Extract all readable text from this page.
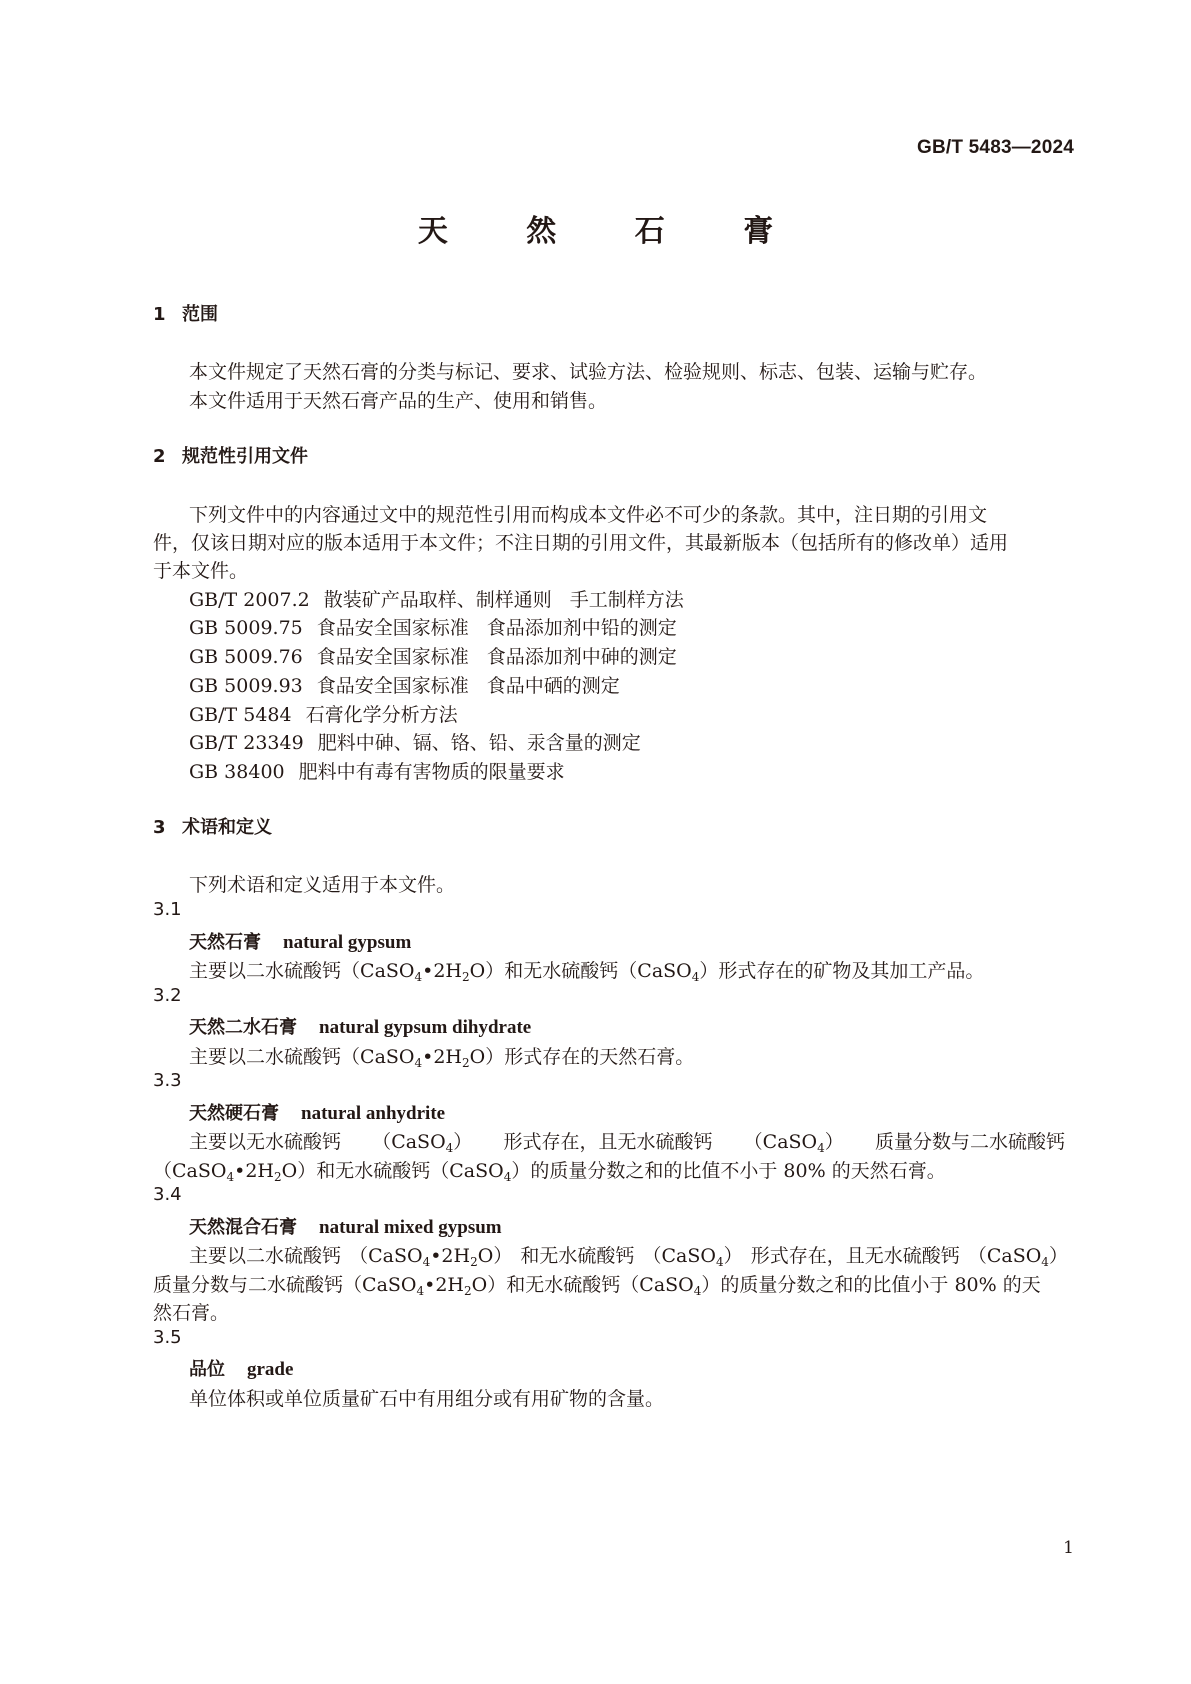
GB/T 5483—2024
天 然 石 膏
1 范围
本文件规定了天然石膏的分类与标记、要求、试验方法、检验规则、标志、包装、运输与贮存。
本文件适用于天然石膏产品的生产、使用和销售。
2 规范性引用文件
下列文件中的内容通过文中的规范性引用而构成本文件必不可少的条款。其中，注日期的引用文
件，仅该日期对应的版本适用于本文件；不注日期的引用文件，其最新版本（包括所有的修改单）适用
于本文件。
GB/T 2007.2 散装矿产品取样、制样通则 手工制样方法
GB 5009.75 食品安全国家标准 食品添加剂中铅的测定
GB 5009.76 食品安全国家标准 食品添加剂中砷的测定
GB 5009.93 食品安全国家标准 食品中硒的测定
GB/T 5484 石膏化学分析方法
GB/T 23349 肥料中砷、镉、铬、铅、汞含量的测定
GB 38400 肥料中有毒有害物质的限量要求
3 术语和定义
下列术语和定义适用于本文件。
3.1
天然石膏 natural gypsum
主要以二水硫酸钙$(CaSO_4•2H_2O)$和无水硫酸钙（CaSO$_4$）形式存在的矿物及其加工产品。
3.2
天然二水石膏 natural gypsum dihydrate
主要以二水硫酸钙$(CaSO_4•2H_2O)$形式存在的天然石膏。
3.3
天然硬石膏 natural anhydrite
主要以无水硫酸钙 （CaSO$_4$） 形式存在，且无水硫酸钙 （CaSO$_4$） 质量分数与二水硫酸钙
$(CaSO_4•2H_2O)$和无水硫酸钙（CaSO$_4$）的质量分数之和的比值不小于 80% 的天然石膏。
3.4
天然混合石膏 natural mixed gypsum
主要以二水硫酸钙 $(CaSO_4•2H_2O)$ 和无水硫酸钙 （CaSO$_4$） 形式存在，且无水硫酸钙 （CaSO$_4$）
质量分数与二水硫酸钙$(CaSO_4•2H_2O)$和无水硫酸钙（CaSO$_4$）的质量分数之和的比值小于 80% 的天
然石膏。
3.5
品位 grade
单位体积或单位质量矿石中有用组分或有用矿物的含量。
1
